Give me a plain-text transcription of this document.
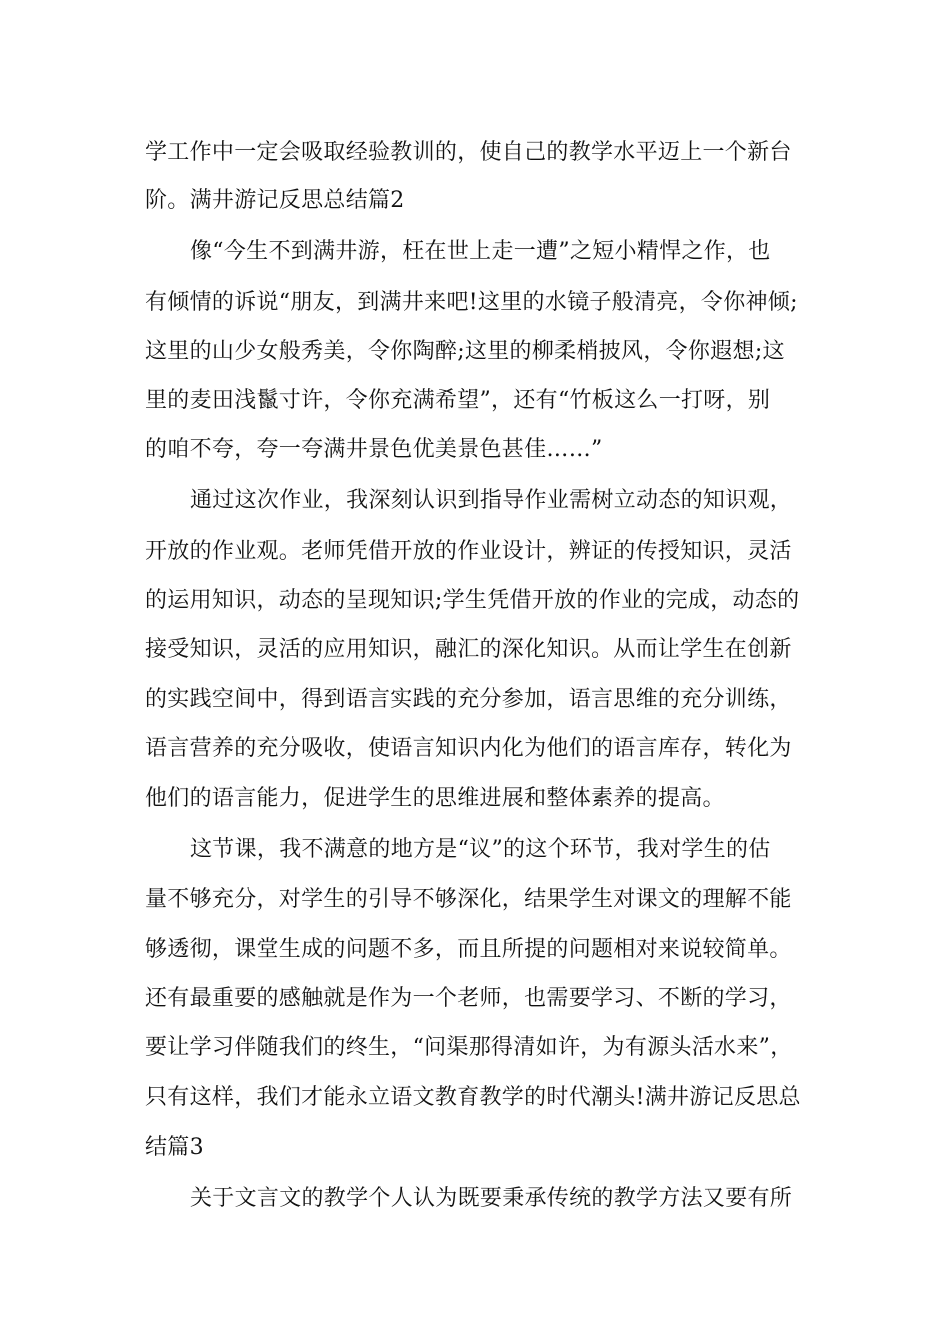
学工作中一定会吸取经验教训的，使自己的教学水平迈上一个新台

阶。满井游记反思总结篇2

像“今生不到满井游，枉在世上走一遭”之短小精悍之作，也

有倾情的诉说“朋友，到满井来吧!这里的水镜子般清亮，令你神倾;

这里的山少女般秀美，令你陶醉;这里的柳柔梢披风，令你遐想;这

里的麦田浅鬣寸许，令你充满希望”，还有“竹板这么一打呀，别

的咱不夸，夸一夸满井景色优美景色甚佳……”

通过这次作业，我深刻认识到指导作业需树立动态的知识观，

开放的作业观。老师凭借开放的作业设计，辨证的传授知识，灵活

的运用知识，动态的呈现知识;学生凭借开放的作业的完成，动态的

接受知识，灵活的应用知识，融汇的深化知识。从而让学生在创新

的实践空间中，得到语言实践的充分参加，语言思维的充分训练，

语言营养的充分吸收，使语言知识内化为他们的语言库存，转化为

他们的语言能力，促进学生的思维进展和整体素养的提高。

这节课，我不满意的地方是“议”的这个环节，我对学生的估

量不够充分，对学生的引导不够深化，结果学生对课文的理解不能

够透彻，课堂生成的问题不多，而且所提的问题相对来说较简单。

还有最重要的感触就是作为一个老师，也需要学习、不断的学习，

要让学习伴随我们的终生，“问渠那得清如许，为有源头活水来”，

只有这样，我们才能永立语文教育教学的时代潮头!满井游记反思总

结篇3

关于文言文的教学个人认为既要秉承传统的教学方法又要有所
